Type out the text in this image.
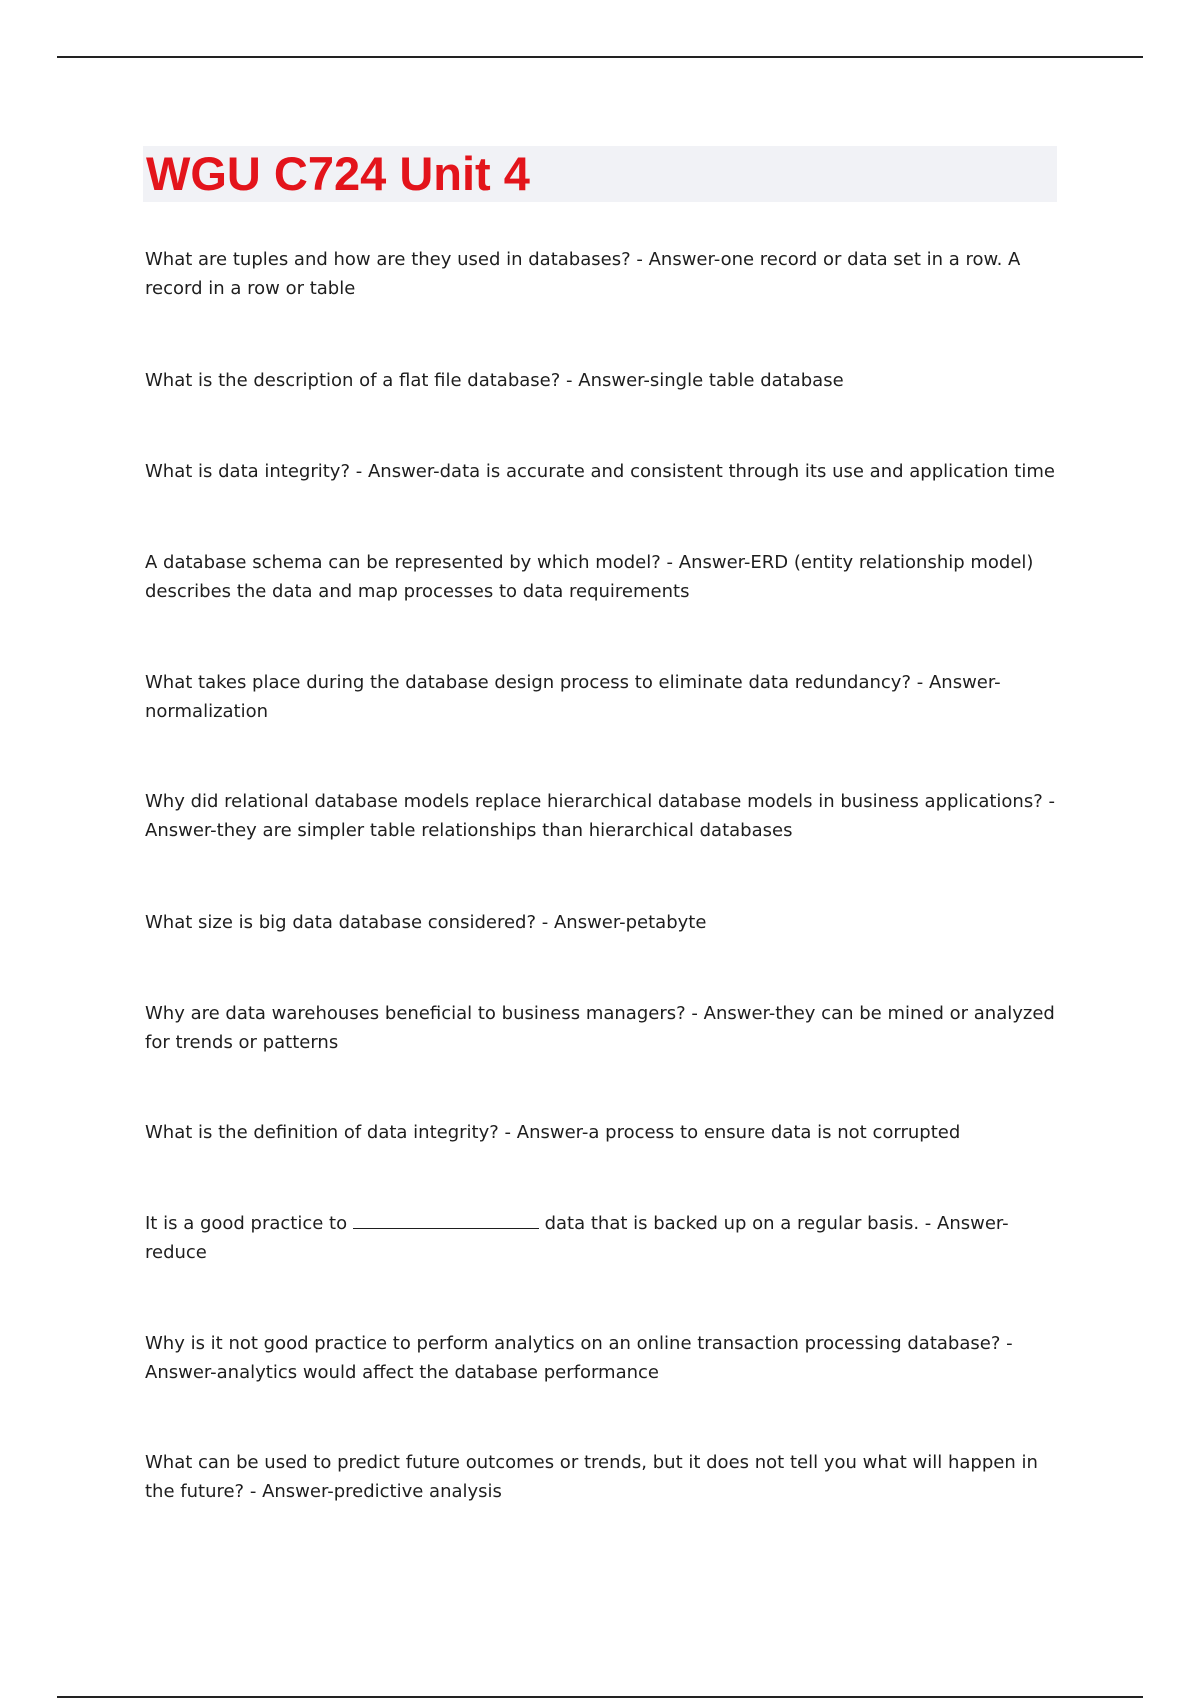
WGU C724 Unit 4

What are tuples and how are they used in databases? - Answer-one record or data set in a row. A record in a row or table

What is the description of a flat file database? - Answer-single table database

What is data integrity? - Answer-data is accurate and consistent through its use and application time

A database schema can be represented by which model? - Answer-ERD (entity relationship model) describes the data and map processes to data requirements

What takes place during the database design process to eliminate data redundancy? - Answer-normalization

Why did relational database models replace hierarchical database models in business applications? - Answer-they are simpler table relationships than hierarchical databases

What size is big data database considered? - Answer-petabyte

Why are data warehouses beneficial to business managers? - Answer-they can be mined or analyzed for trends or patterns

What is the definition of data integrity? - Answer-a process to ensure data is not corrupted

It is a good practice to	data that is backed up on a regular basis. - Answer-reduce

Why is it not good practice to perform analytics on an online transaction processing database? - Answer-analytics would affect the database performance

What can be used to predict future outcomes or trends, but it does not tell you what will happen in the future? - Answer-predictive analysis
